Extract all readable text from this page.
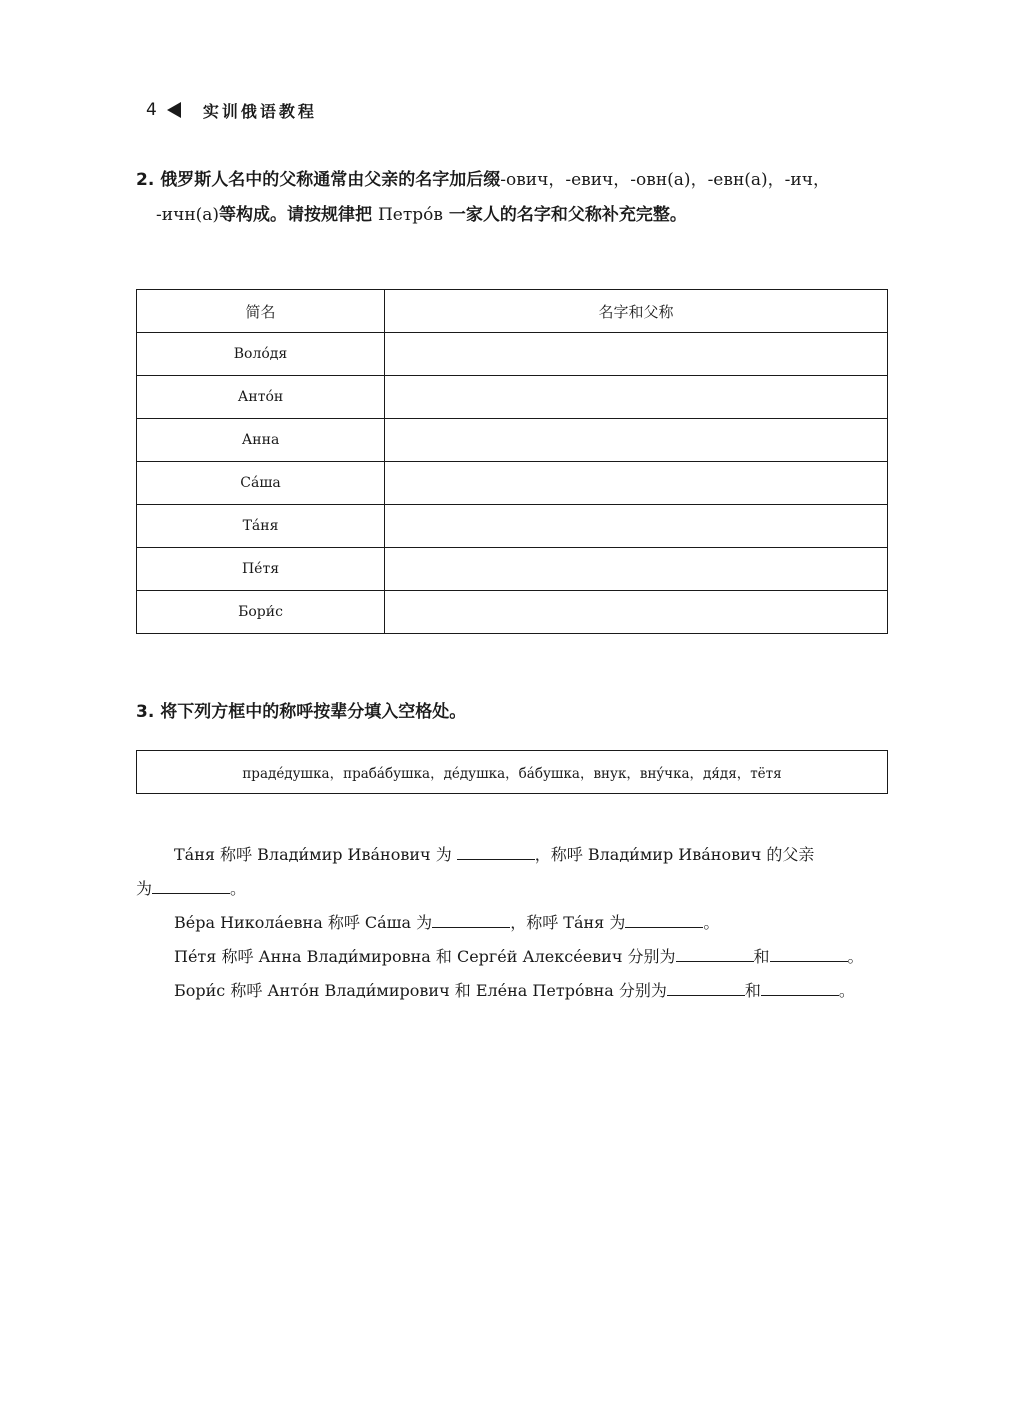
4	实训俄语教程
2. 俄罗斯人名中的父称通常由父亲的名字加后缀-ович，-евич，-овн(а)，-евн(а)，-ич，
-ичн(а)等构成。请按规律把 Петрóв 一家人的名字和父称补充完整。
简名	名字和父称
Волóдя	
Антóн	
Анна	
Сáша	
Тáня	
Пéтя	
Бори́с	
3. 将下列方框中的称呼按辈分填入空格处。
прадéдушка，прабáбушка，дéдушка，бáбушка，внук，внýчка，дя́дя，тётя

Тáня 称呼 Влади́мир Ивáнович 为	，称呼 Влади́мир Ивáнович 的父亲

为	。

Вéра Николáевна 称呼 Сáша 为	，称呼 Тáня 为	。

Пéтя 称呼 Анна Влади́мировна 和 Сергéй Алексéевич 分别为	和	。

Бори́с 称呼 Антóн Влади́мирович 和 Елéна Петрóвна 分别为	和	。
